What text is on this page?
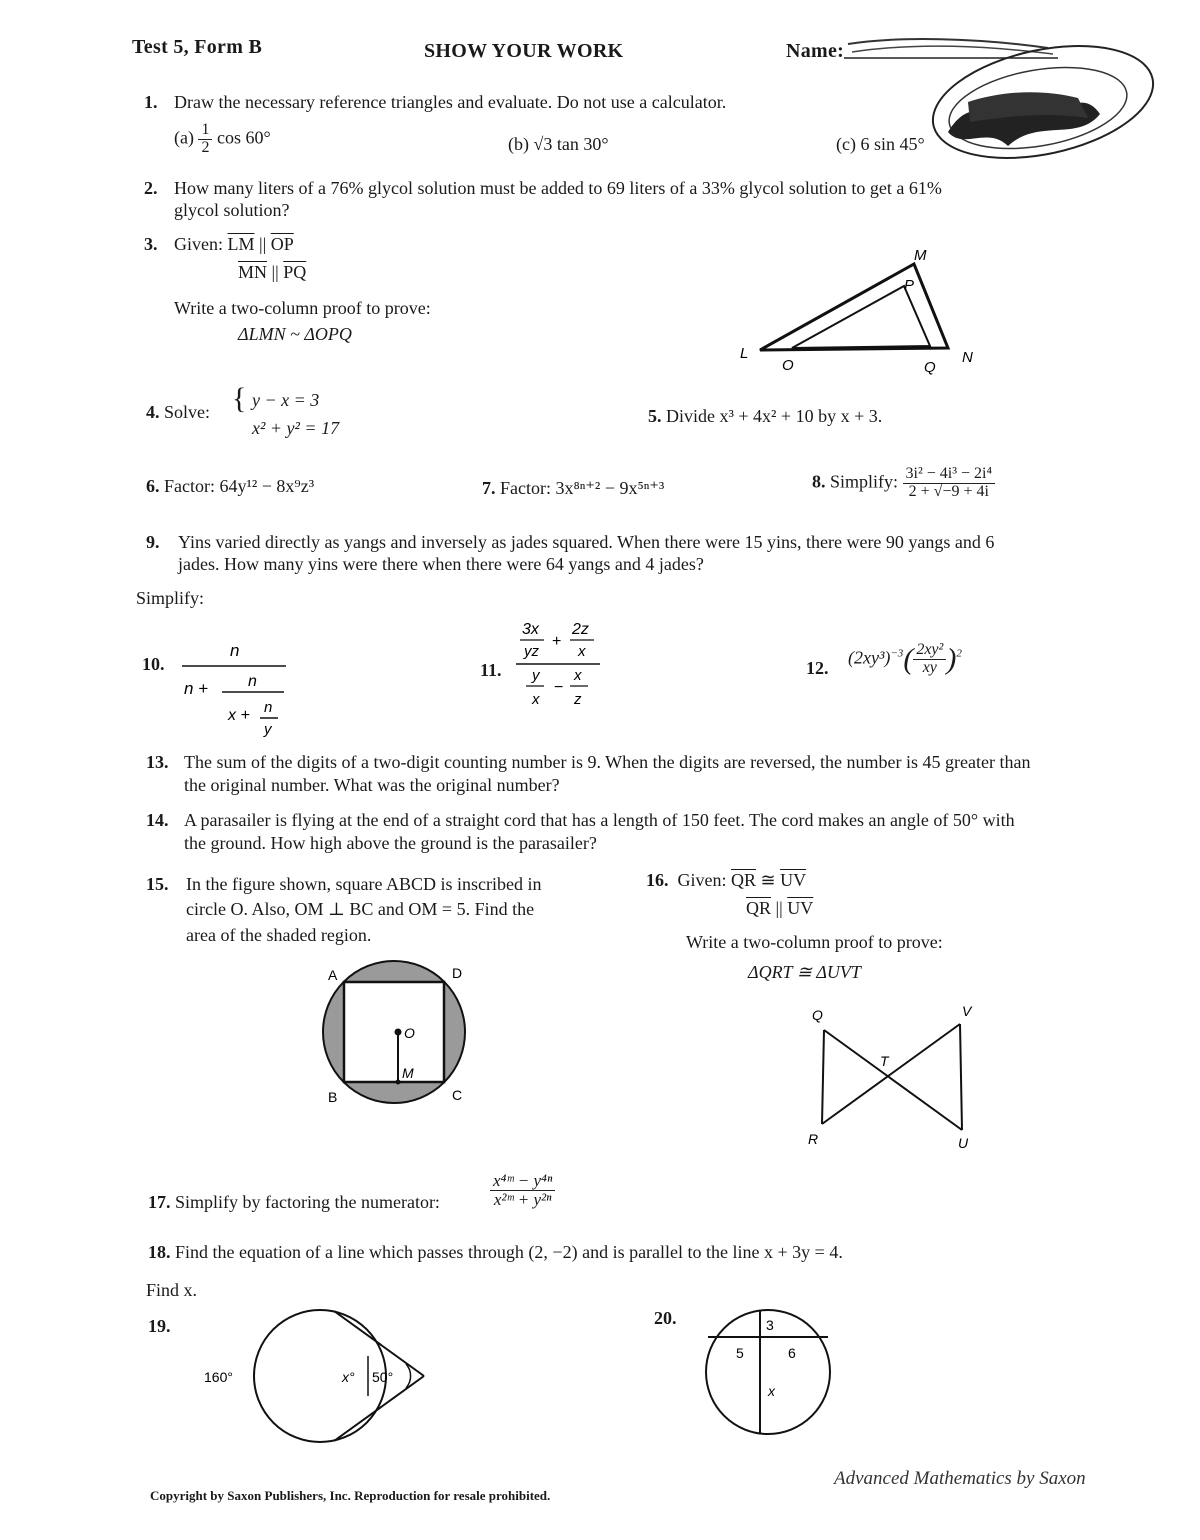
Test 5, Form B	SHOW YOUR WORK	Name:
1. Draw the necessary reference triangles and evaluate. Do not use a calculator.
$(a) \frac{1}{2}$ cos 60°	(b) √3 tan 30°	(c) 6 sin 45°
2. How many liters of a 76% glycol solution must be added to 69 liters of a 33% glycol solution to get a 61%
glycol solution?
3. Given: $\overline{LM}$ || $\overline{OP}$
$\overline{MN}$ || $\overline{PQ}$
Write a two-column proof to prove:
ΔLMN ~ ΔOPQ
L
M
N
O
P
Q
4. Solve: { y − x = 3
x² + y² = 17
5. Divide x³ + 4x² + 10 by x + 3.
6. Factor: 64y¹² − 8x⁹z³	7. Factor: 3x⁸ⁿ⁺² − 9x⁵ⁿ⁺³	8. Simplify: $\frac{\text{3i² − 4i³ − 2i⁴}}{2 + √-9 + 4i}$
9. Yins varied directly as yangs and inversely as jades squared. When there were 15 yins, there were 90 yangs and 6
jades. How many yins were there when there were 64 yangs and 4 jades?
Simplify:
10.
n
n + n
x + n
y
11.
3x
yz
+
2z
x
y
x
−
x
z
12.
$(2xy^3)^{-3}( \frac{\text{2xy²}}{xy} )^2$
13. The sum of the digits of a two-digit counting number is 9. When the digits are reversed, the number is 45 greater than
the original number. What was the original number?
14. A parasailer is flying at the end of a straight cord that has a length of 150 feet. The cord makes an angle of 50° with
the ground. How high above the ground is the parasailer?
15. In the figure shown, square ABCD is inscribed in
circle O. Also, OM ⊥ BC and OM = 5. Find the
area of the shaded region.
A	D
B	C
O
M
16. Given: $\overline{QR}$ ≅ $\overline{UV}$
$\overline{QR}$ || $\overline{UV}$
Write a two-column proof to prove:
ΔQRT ≅ ΔUVT
Q	V
T
R	U
17. Simplify by factoring the numerator:	$\frac{\text{x⁴ᵐ − y⁴ⁿ}}{\text{x²ᵐ + y²ⁿ}}$
18. Find the equation of a line which passes through (2, −2) and is parallel to the line x + 3y = 4.
Find x.
19.
160°	x° 50°
20.	3
5	6
x
Copyright by Saxon Publishers, Inc. Reproduction for resale prohibited.
Advanced Mathematics by Saxon
